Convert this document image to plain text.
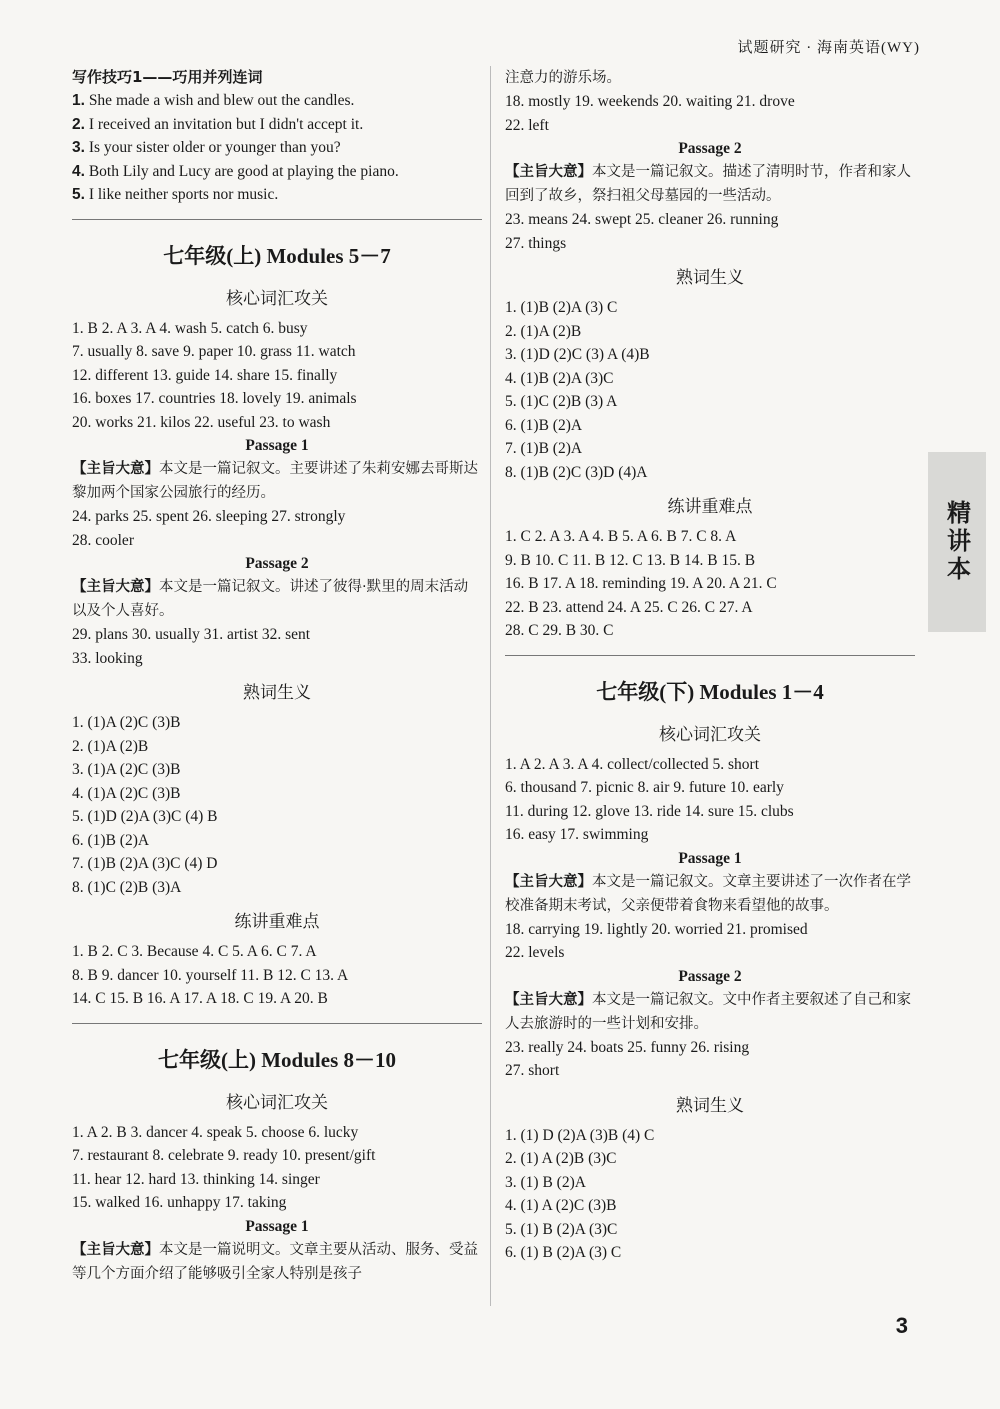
试题研究 · 海南英语(WY)
写作技巧1——巧用并列连词
1. She made a wish and blew out the candles.
2. I received an invitation but I didn't accept it.
3. Is your sister older or younger than you?
4. Both Lily and Lucy are good at playing the piano.
5. I like neither sports nor music.
七年级(上) Modules 5－7
核心词汇攻关
1. B 2. A 3. A 4. wash 5. catch 6. busy
7. usually 8. save 9. paper 10. grass 11. watch
12. different 13. guide 14. share 15. finally
16. boxes 17. countries 18. lovely 19. animals
20. works 21. kilos 22. useful 23. to wash
Passage 1
【主旨大意】本文是一篇记叙文。主要讲述了朱莉安娜去哥斯达黎加两个国家公园旅行的经历。
24. parks 25. spent 26. sleeping 27. strongly
28. cooler
Passage 2
【主旨大意】本文是一篇记叙文。讲述了彼得·默里的周末活动以及个人喜好。
29. plans 30. usually 31. artist 32. sent
33. looking
熟词生义
1. (1)A (2)C (3)B
2. (1)A (2)B
3. (1)A (2)C (3)B
4. (1)A (2)C (3)B
5. (1)D (2)A (3)C (4) B
6. (1)B (2)A
7. (1)B (2)A (3)C (4) D
8. (1)C (2)B (3)A
练讲重难点
1. B 2. C 3. Because 4. C 5. A 6. C 7. A
8. B 9. dancer 10. yourself 11. B 12. C 13. A
14. C 15. B 16. A 17. A 18. C 19. A 20. B
七年级(上) Modules 8－10
核心词汇攻关
1. A 2. B 3. dancer 4. speak 5. choose 6. lucky
7. restaurant 8. celebrate 9. ready 10. present/gift
11. hear 12. hard 13. thinking 14. singer
15. walked 16. unhappy 17. taking
Passage 1
【主旨大意】本文是一篇说明文。文章主要从活动、服务、受益等几个方面介绍了能够吸引全家人特别是孩子
注意力的游乐场。
18. mostly 19. weekends 20. waiting 21. drove
22. left
Passage 2
【主旨大意】本文是一篇记叙文。描述了清明时节，作者和家人回到了故乡，祭扫祖父母墓园的一些活动。
23. means 24. swept 25. cleaner 26. running
27. things
熟词生义
1. (1)B (2)A (3) C
2. (1)A (2)B
3. (1)D (2)C (3) A (4)B
4. (1)B (2)A (3)C
5. (1)C (2)B (3) A
6. (1)B (2)A
7. (1)B (2)A
8. (1)B (2)C (3)D (4)A
练讲重难点
1. C 2. A 3. A 4. B 5. A 6. B 7. C 8. A
9. B 10. C 11. B 12. C 13. B 14. B 15. B
16. B 17. A 18. reminding 19. A 20. A 21. C
22. B 23. attend 24. A 25. C 26. C 27. A
28. C 29. B 30. C
七年级(下) Modules 1－4
核心词汇攻关
1. A 2. A 3. A 4. collect/collected 5. short
6. thousand 7. picnic 8. air 9. future 10. early
11. during 12. glove 13. ride 14. sure 15. clubs
16. easy 17. swimming
Passage 1
【主旨大意】本文是一篇记叙文。文章主要讲述了一次作者在学校准备期末考试，父亲便带着食物来看望他的故事。
18. carrying 19. lightly 20. worried 21. promised
22. levels
Passage 2
【主旨大意】本文是一篇记叙文。文中作者主要叙述了自己和家人去旅游时的一些计划和安排。
23. really 24. boats 25. funny 26. rising
27. short
熟词生义
1. (1) D (2)A (3)B (4) C
2. (1) A (2)B (3)C
3. (1) B (2)A
4. (1) A (2)C (3)B
5. (1) B (2)A (3)C
6. (1) B (2)A (3) C
精讲本
3
